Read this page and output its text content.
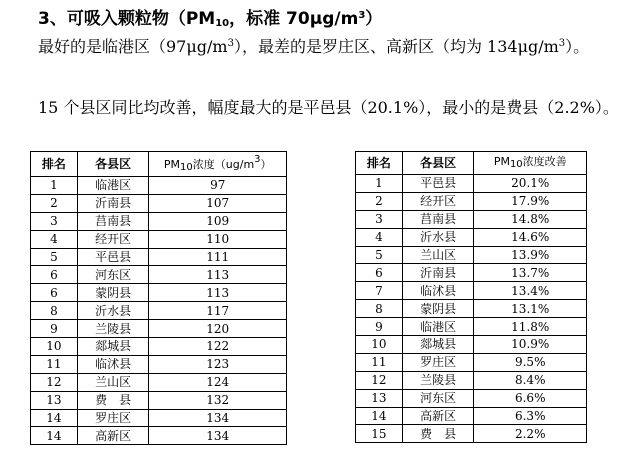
3、可吸入颗粒物（$PM_{10}$，标准 $70\mu g/m^3$）

最好的是临港区$(97\mu g/m^3)$，最差的是罗庄区、高新区（均为 $134\mu g/m^3$）。

15 个县区同比均改善，幅度最大的是平邑县（20.1%），最小的是费县（2.2%）。

排名	各县区	$PM_{10}$浓度$(ug/m^3)$
1	临港区	97
2	沂南县	107
3	莒南县	109
4	经开区	110
5	平邑县	111
6	河东区	113
6	蒙阴县	113
8	沂水县	117
9	兰陵县	120
10	郯城县	122
11	临沭县	123
12	兰山区	124
13	费　县	132
14	罗庄区	134
14	高新区	134
排名	各县区	$PM_{10}$浓度改善
1	平邑县	20.1%
2	经开区	17.9%
3	莒南县	14.8%
4	沂水县	14.6%
5	兰山区	13.9%
6	沂南县	13.7%
7	临沭县	13.4%
8	蒙阴县	13.1%
9	临港区	11.8%
10	郯城县	10.9%
11	罗庄区	9.5%
12	兰陵县	8.4%
13	河东区	6.6%
14	高新区	6.3%
15	费　县	2.2%
